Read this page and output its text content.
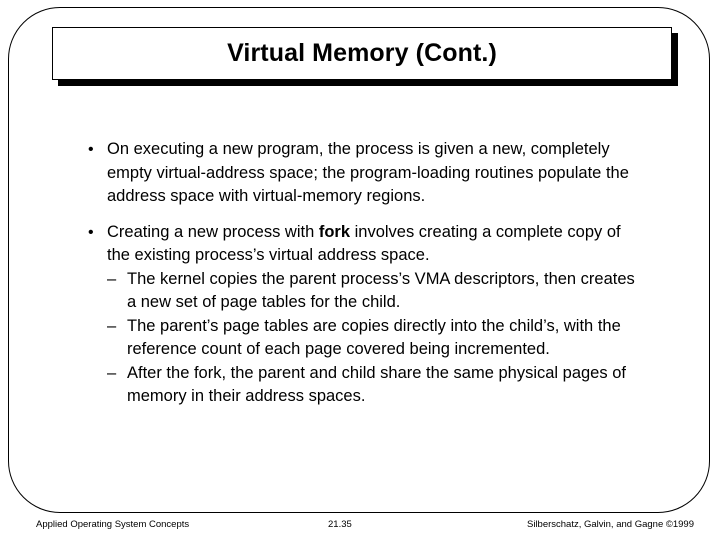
Virtual Memory (Cont.)
• On executing a new program, the process is given a new, completely empty virtual-address space; the program-loading routines populate the address space with virtual-memory regions.
• Creating a new process with fork involves creating a complete copy of the existing process’s virtual address space.
– The kernel copies the parent process’s VMA descriptors, then creates a new set of page tables for the child.
– The parent’s page tables are copies directly into the child’s, with the reference count of each page covered being incremented.
– After the fork, the parent and child share the same physical pages of memory in their address spaces.
Applied Operating System Concepts	21.35	Silberschatz, Galvin, and Gagne ©1999
